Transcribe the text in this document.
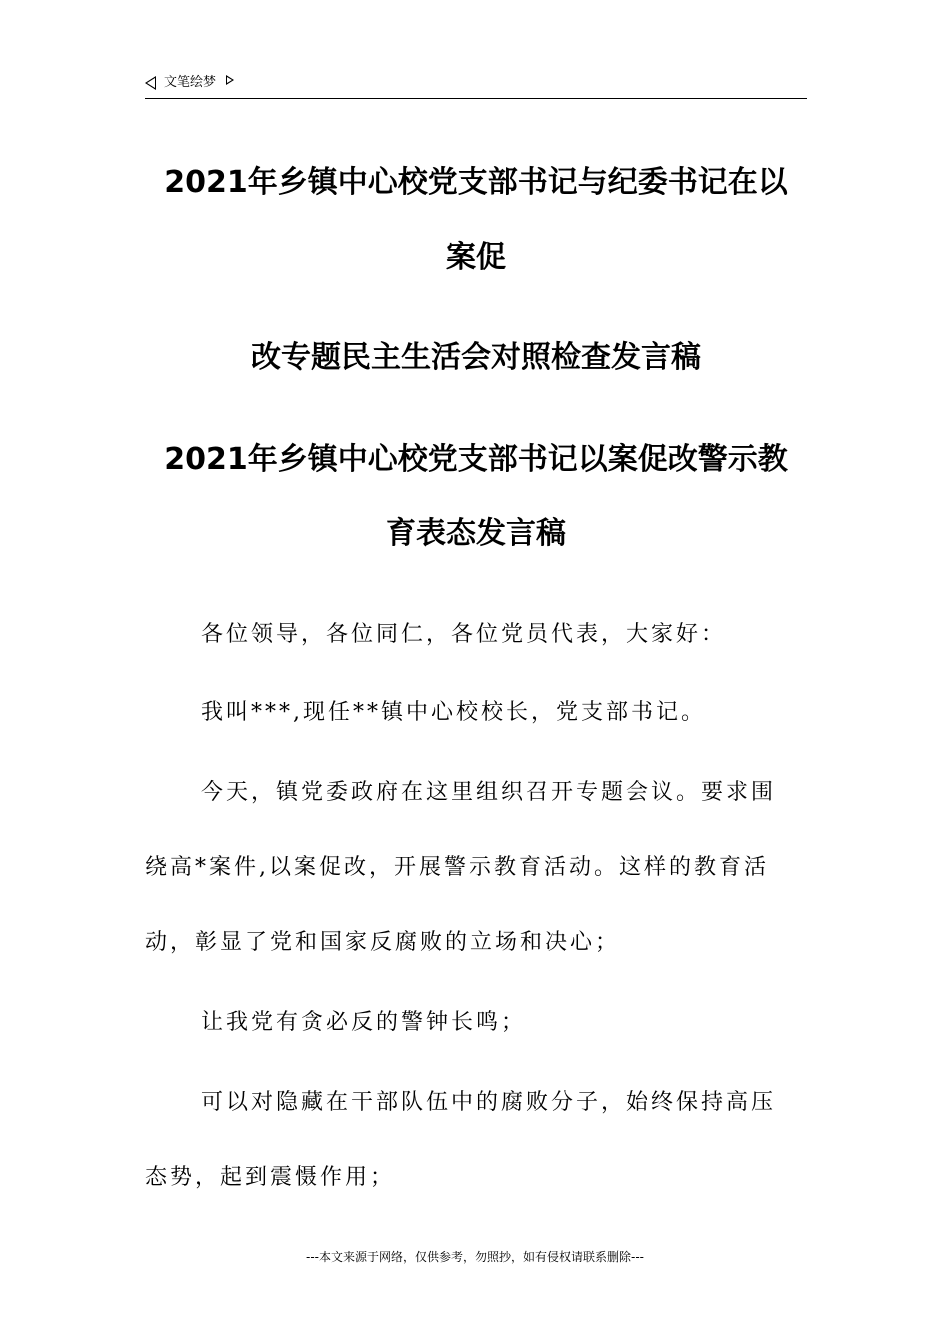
文笔绘梦
2021年乡镇中心校党支部书记与纪委书记在以
案促
改专题民主生活会对照检查发言稿
2021年乡镇中心校党支部书记以案促改警示教
育表态发言稿
各位领导，各位同仁，各位党员代表，大家好：
我叫***,现任**镇中心校校长，党支部书记。
今天，镇党委政府在这里组织召开专题会议。要求围
绕高*案件,以案促改，开展警示教育活动。这样的教育活
动，彰显了党和国家反腐败的立场和决心；
让我党有贪必反的警钟长鸣；
可以对隐藏在干部队伍中的腐败分子，始终保持高压
态势，起到震慑作用；
---本文来源于网络，仅供参考，勿照抄，如有侵权请联系删除---
